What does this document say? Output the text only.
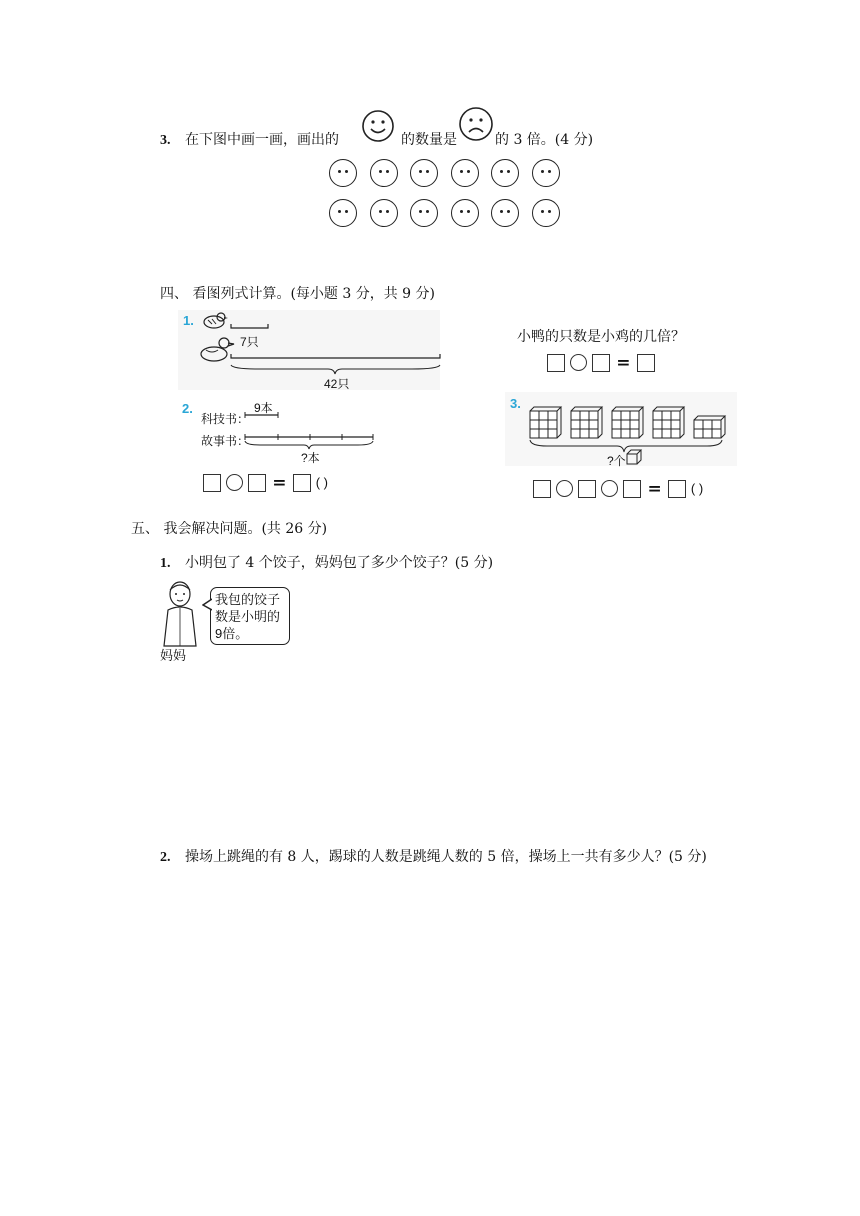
3. 在下图中画一画，画出的	的数量是	的 3 倍。(4 分)
四、 看图列式计算。(每小题 3 分，共 9 分)
1.
7只
42只
2.	9本
科技书：
故事书：
?本
= ( )
小鸭的只数是小鸡的几倍？
=
3.
?个
= ( )
五、 我会解决问题。(共 26 分)
1. 小明包了 4 个饺子，妈妈包了多少个饺子？(5 分)
妈妈
我包的饺子
数是小明的
9倍。
2. 操场上跳绳的有 8 人，踢球的人数是跳绳人数的 5 倍，操场上一共有多少人？(5 分)
